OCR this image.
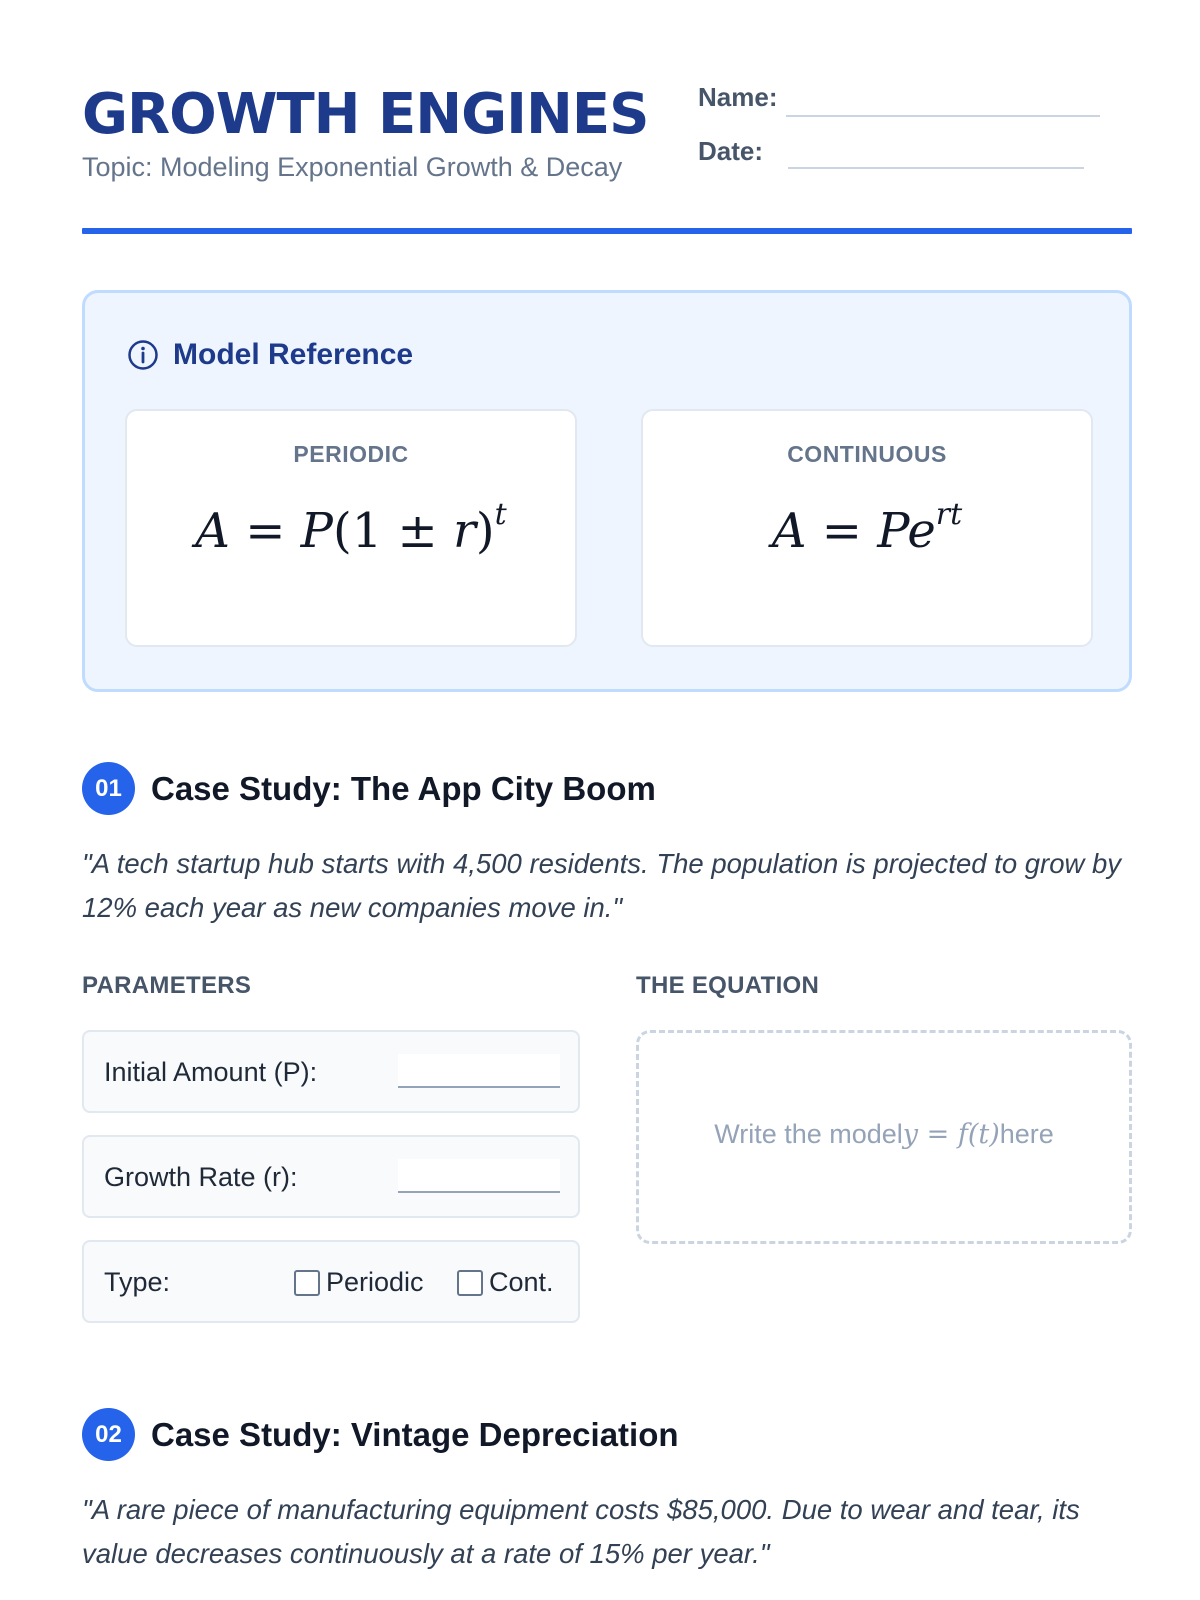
GROWTH ENGINES
Topic: Modeling Exponential Growth & Decay
Name:
Date:
Model Reference
PERIODIC
$A = P(1 \pm r)^t$
CONTINUOUS
$A = Pe^{rt}$
01 Case Study: The App City Boom
"A tech startup hub starts with 4,500 residents. The population is projected to grow by 12% each year as new companies move in."
PARAMETERS	THE EQUATION
Initial Amount (P):
Growth Rate (r):
Type:	Periodic Cont.
Write the modely = f(t)here
02 Case Study: Vintage Depreciation
"A rare piece of manufacturing equipment costs $85,000. Due to wear and tear, its value decreases continuously at a rate of 15% per year."
